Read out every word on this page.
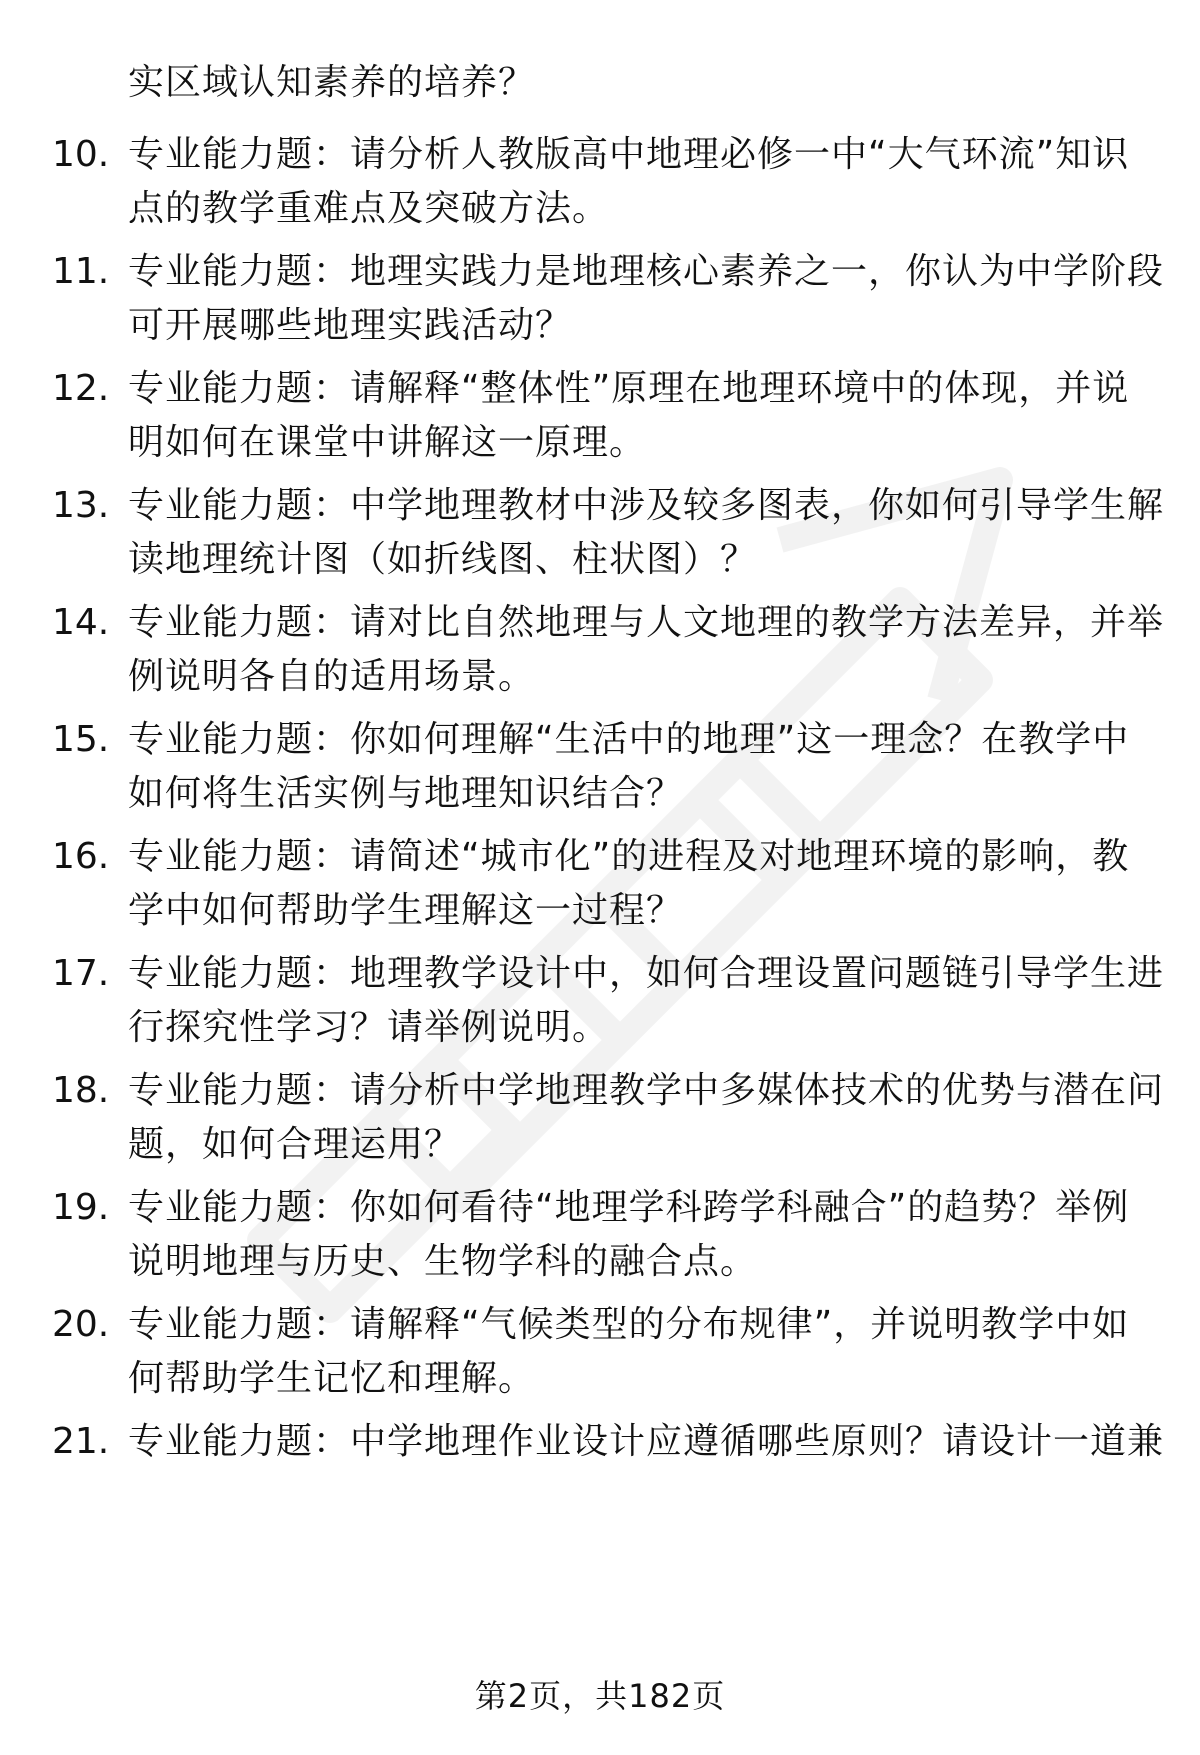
实区域认知素养的培养？
10. 专业能力题：请分析人教版高中地理必修一中“大气环流”知识
点的教学重难点及突破方法。
11. 专业能力题：地理实践力是地理核心素养之一，你认为中学阶段
可开展哪些地理实践活动？
12. 专业能力题：请解释“整体性”原理在地理环境中的体现，并说
明如何在课堂中讲解这一原理。
13. 专业能力题：中学地理教材中涉及较多图表，你如何引导学生解
读地理统计图（如折线图、柱状图）？
14. 专业能力题：请对比自然地理与人文地理的教学方法差异，并举
例说明各自的适用场景。
15. 专业能力题：你如何理解“生活中的地理”这一理念？在教学中
如何将生活实例与地理知识结合？
16. 专业能力题：请简述“城市化”的进程及对地理环境的影响，教
学中如何帮助学生理解这一过程？
17. 专业能力题：地理教学设计中，如何合理设置问题链引导学生进
行探究性学习？请举例说明。
18. 专业能力题：请分析中学地理教学中多媒体技术的优势与潜在问
题，如何合理运用？
19. 专业能力题：你如何看待“地理学科跨学科融合”的趋势？举例
说明地理与历史、生物学科的融合点。
20. 专业能力题：请解释“气候类型的分布规律”，并说明教学中如
何帮助学生记忆和理解。
21. 专业能力题：中学地理作业设计应遵循哪些原则？请设计一道兼
第2页，共182页
